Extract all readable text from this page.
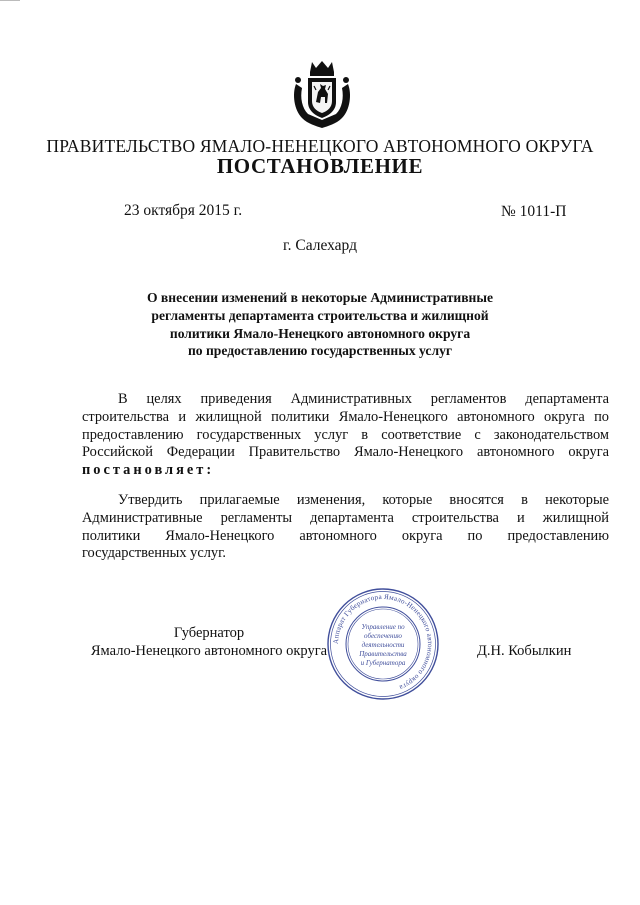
ПРАВИТЕЛЬСТВО ЯМАЛО-НЕНЕЦКОГО АВТОНОМНОГО ОКРУГА
ПОСТАНОВЛЕНИЕ
23 октября 2015 г.	№ 1011-П
г. Салехард
О внесении изменений в некоторые Административные
регламенты департамента строительства и жилищной
политики Ямало-Ненецкого автономного округа
по предоставлению государственных услуг
В целях приведения Административных регламентов департамента
строительства и жилищной политики Ямало-Ненецкого автономного округа по
предоставлению государственных услуг в соответствие с законодательством
Российской Федерации Правительство Ямало-Ненецкого автономного округа
постановляет:
Утвердить прилагаемые изменения, которые вносятся в некоторые
Административные регламенты департамента строительства и жилищной
политики Ямало-Ненецкого автономного округа по предоставлению
государственных услуг.
Губернатор
Ямало-Ненецкого автономного округа	Д.Н. Кобылкин
Аппарат Губернатора Ямало-Ненецкого автономного округа
Управление по
обеспечению
деятельности
Правительства
и Губернатора
